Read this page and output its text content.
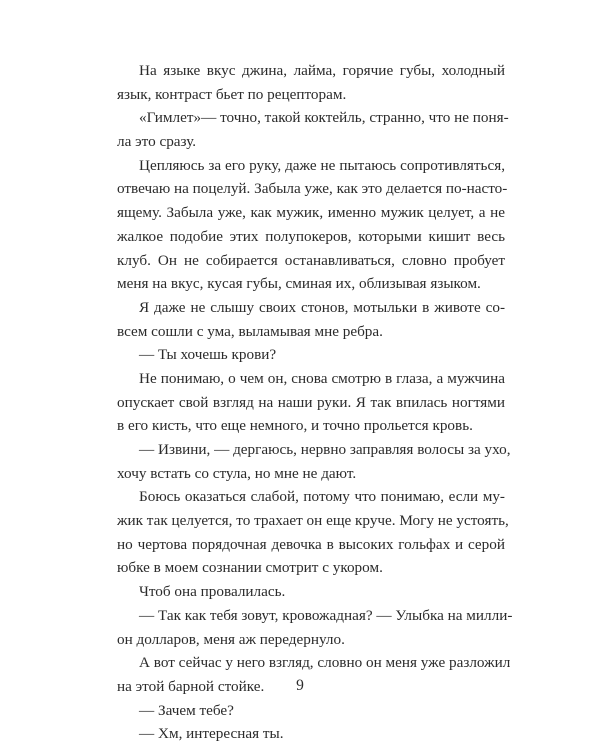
На языке вкус джина, лайма, горячие губы, холодный
язык, контраст бьет по рецепторам.
«Гимлет»— точно, такой коктейль, странно, что не поня-
ла это сразу.
Цепляюсь за его руку, даже не пытаюсь сопротивляться,
отвечаю на поцелуй. Забыла уже, как это делается по-насто-
ящему. Забыла уже, как мужик, именно мужик целует, а не
жалкое подобие этих полупокеров, которыми кишит весь
клуб. Он не собирается останавливаться, словно пробует
меня на вкус, кусая губы, сминая их, облизывая языком.
Я даже не слышу своих стонов, мотыльки в животе со-
всем сошли с ума, выламывая мне ребра.
— Ты хочешь крови?
Не понимаю, о чем он, снова смотрю в глаза, а мужчина
опускает свой взгляд на наши руки. Я так впилась ногтями
в его кисть, что еще немного, и точно прольется кровь.
— Извини, — дергаюсь, нервно заправляя волосы за ухо,
хочу встать со стула, но мне не дают.
Боюсь оказаться слабой, потому что понимаю, если му-
жик так целуется, то трахает он еще круче. Могу не устоять,
но чертова порядочная девочка в высоких гольфах и серой
юбке в моем сознании смотрит с укором.
Чтоб она провалилась.
— Так как тебя зовут, кровожадная? — Улыбка на милли-
он долларов, меня аж передернуло.
А вот сейчас у него взгляд, словно он меня уже разложил
на этой барной стойке.
— Зачем тебе?
— Хм, интересная ты.
9
